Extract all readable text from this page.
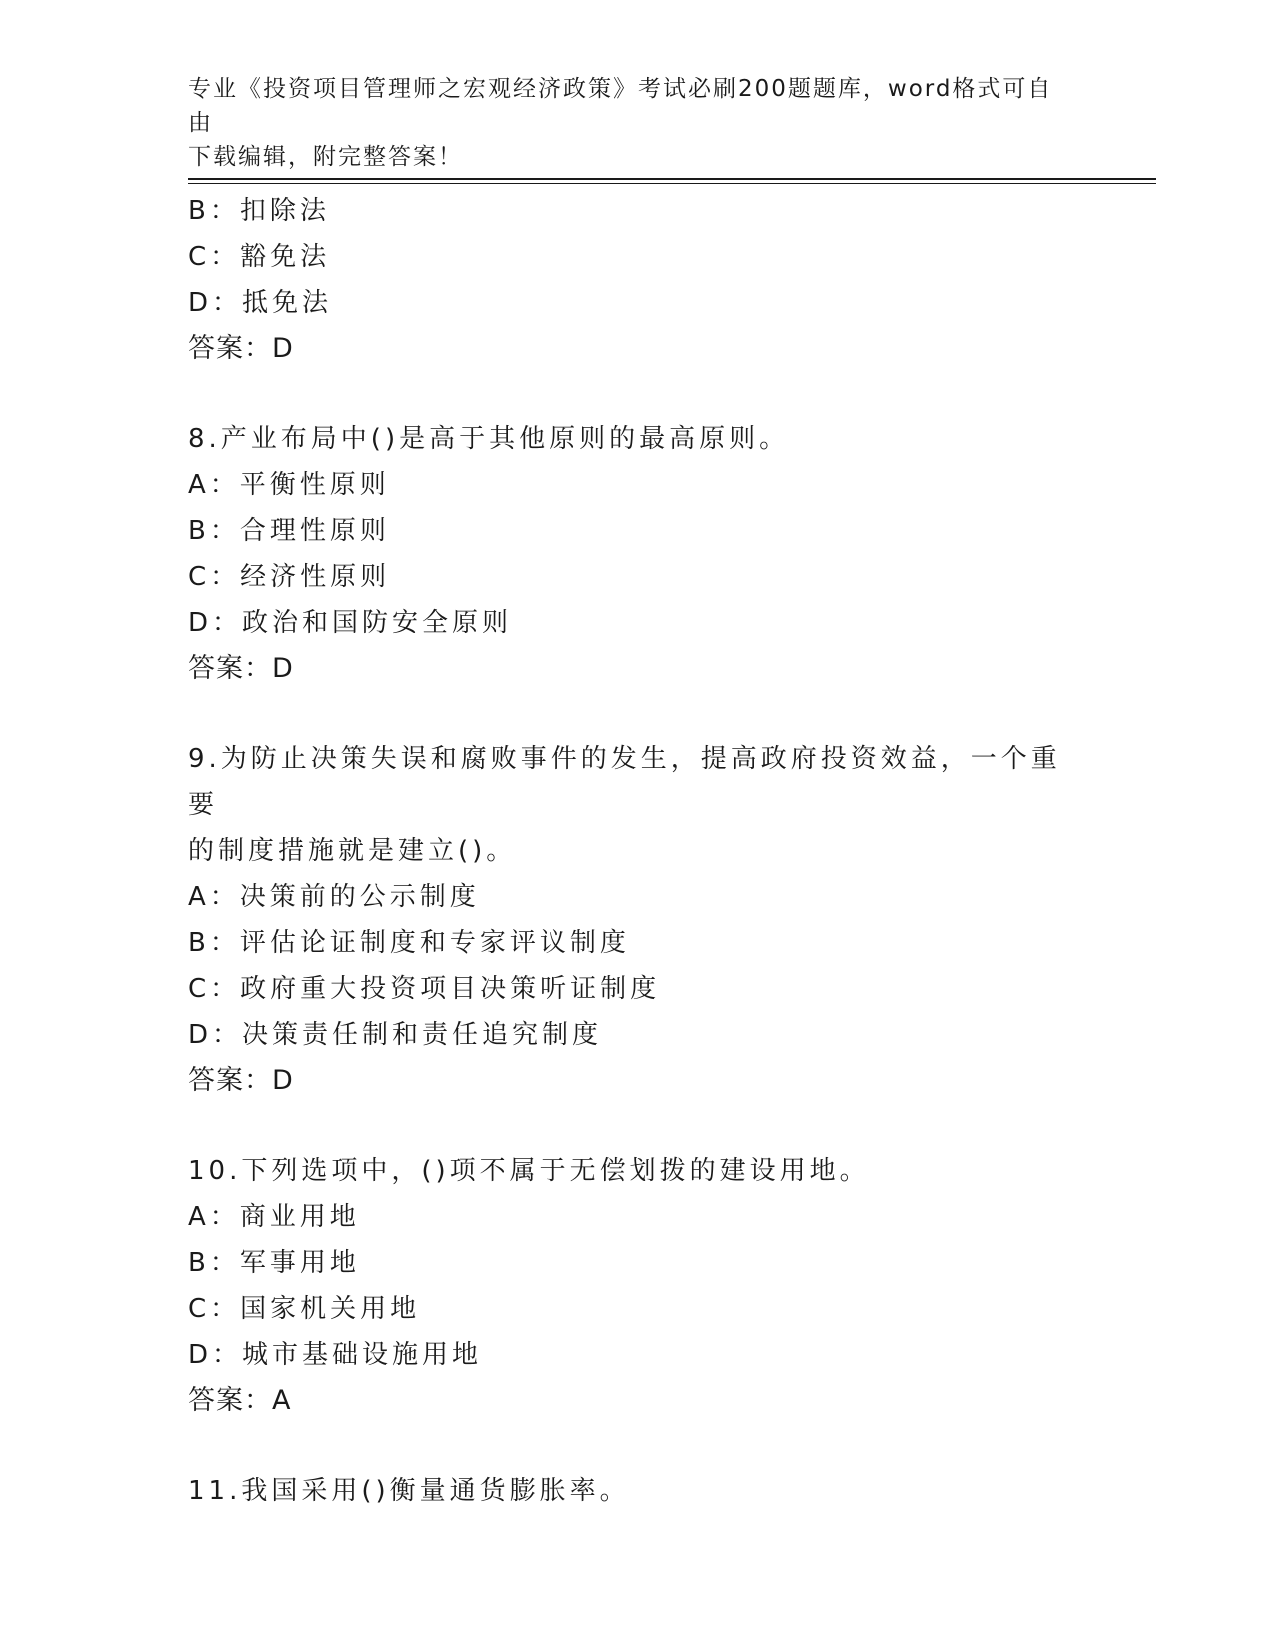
专业《投资项目管理师之宏观经济政策》考试必刷200题题库，word格式可自由
下载编辑，附完整答案！
B：扣除法
C：豁免法
D：抵免法
答案：D
8.产业布局中()是高于其他原则的最高原则。
A：平衡性原则
B：合理性原则
C：经济性原则
D：政治和国防安全原则
答案：D
9.为防止决策失误和腐败事件的发生，提高政府投资效益，一个重要
的制度措施就是建立()。
A：决策前的公示制度
B：评估论证制度和专家评议制度
C：政府重大投资项目决策听证制度
D：决策责任制和责任追究制度
答案：D
10.下列选项中，()项不属于无偿划拨的建设用地。
A：商业用地
B：军事用地
C：国家机关用地
D：城市基础设施用地
答案：A
11.我国采用()衡量通货膨胀率。
